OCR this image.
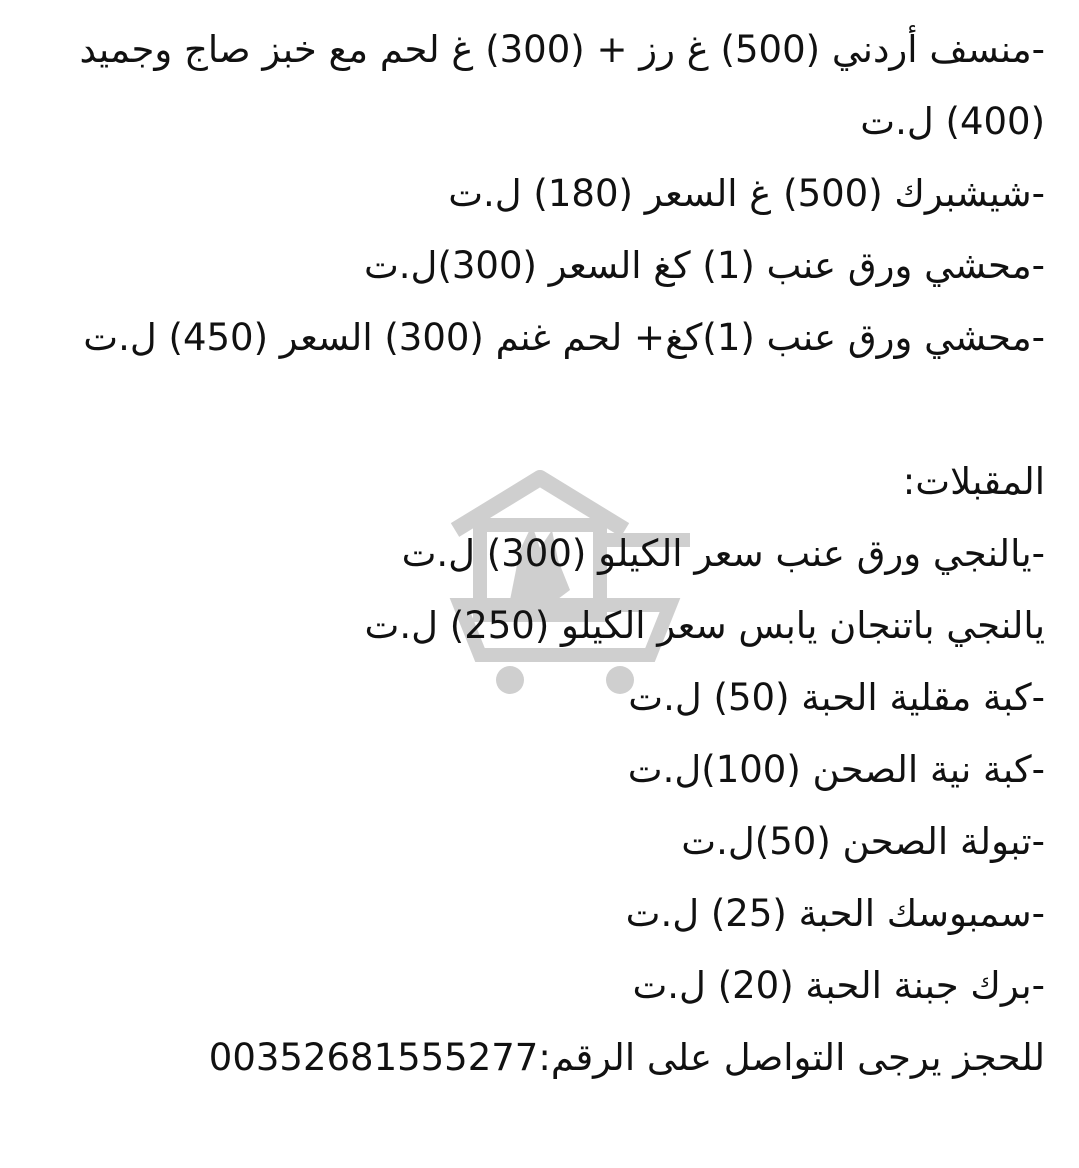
-منسف أردني (500) غ رز + (300) غ لحم مع خبز صاج وجميد
(400) ل.ت
-شيشبرك (500) غ السعر (180) ل.ت
-محشي ورق عنب (1) كغ السعر (300)ل.ت
-محشي ورق عنب (1)كغ+ لحم غنم (300) السعر (450) ل.ت
المقبلات:
-يالنجي ورق عنب سعر الكيلو (300) ل.ت
يالنجي باتنجان يابس سعر الكيلو (250) ل.ت
-كبة مقلية الحبة (50) ل.ت
-كبة نية الصحن (100)ل.ت
-تبولة الصحن (50)ل.ت
-سمبوسك الحبة (25) ل.ت
-برك جبنة الحبة (20) ل.ت
للحجز يرجى التواصل على الرقم:00352681555277
